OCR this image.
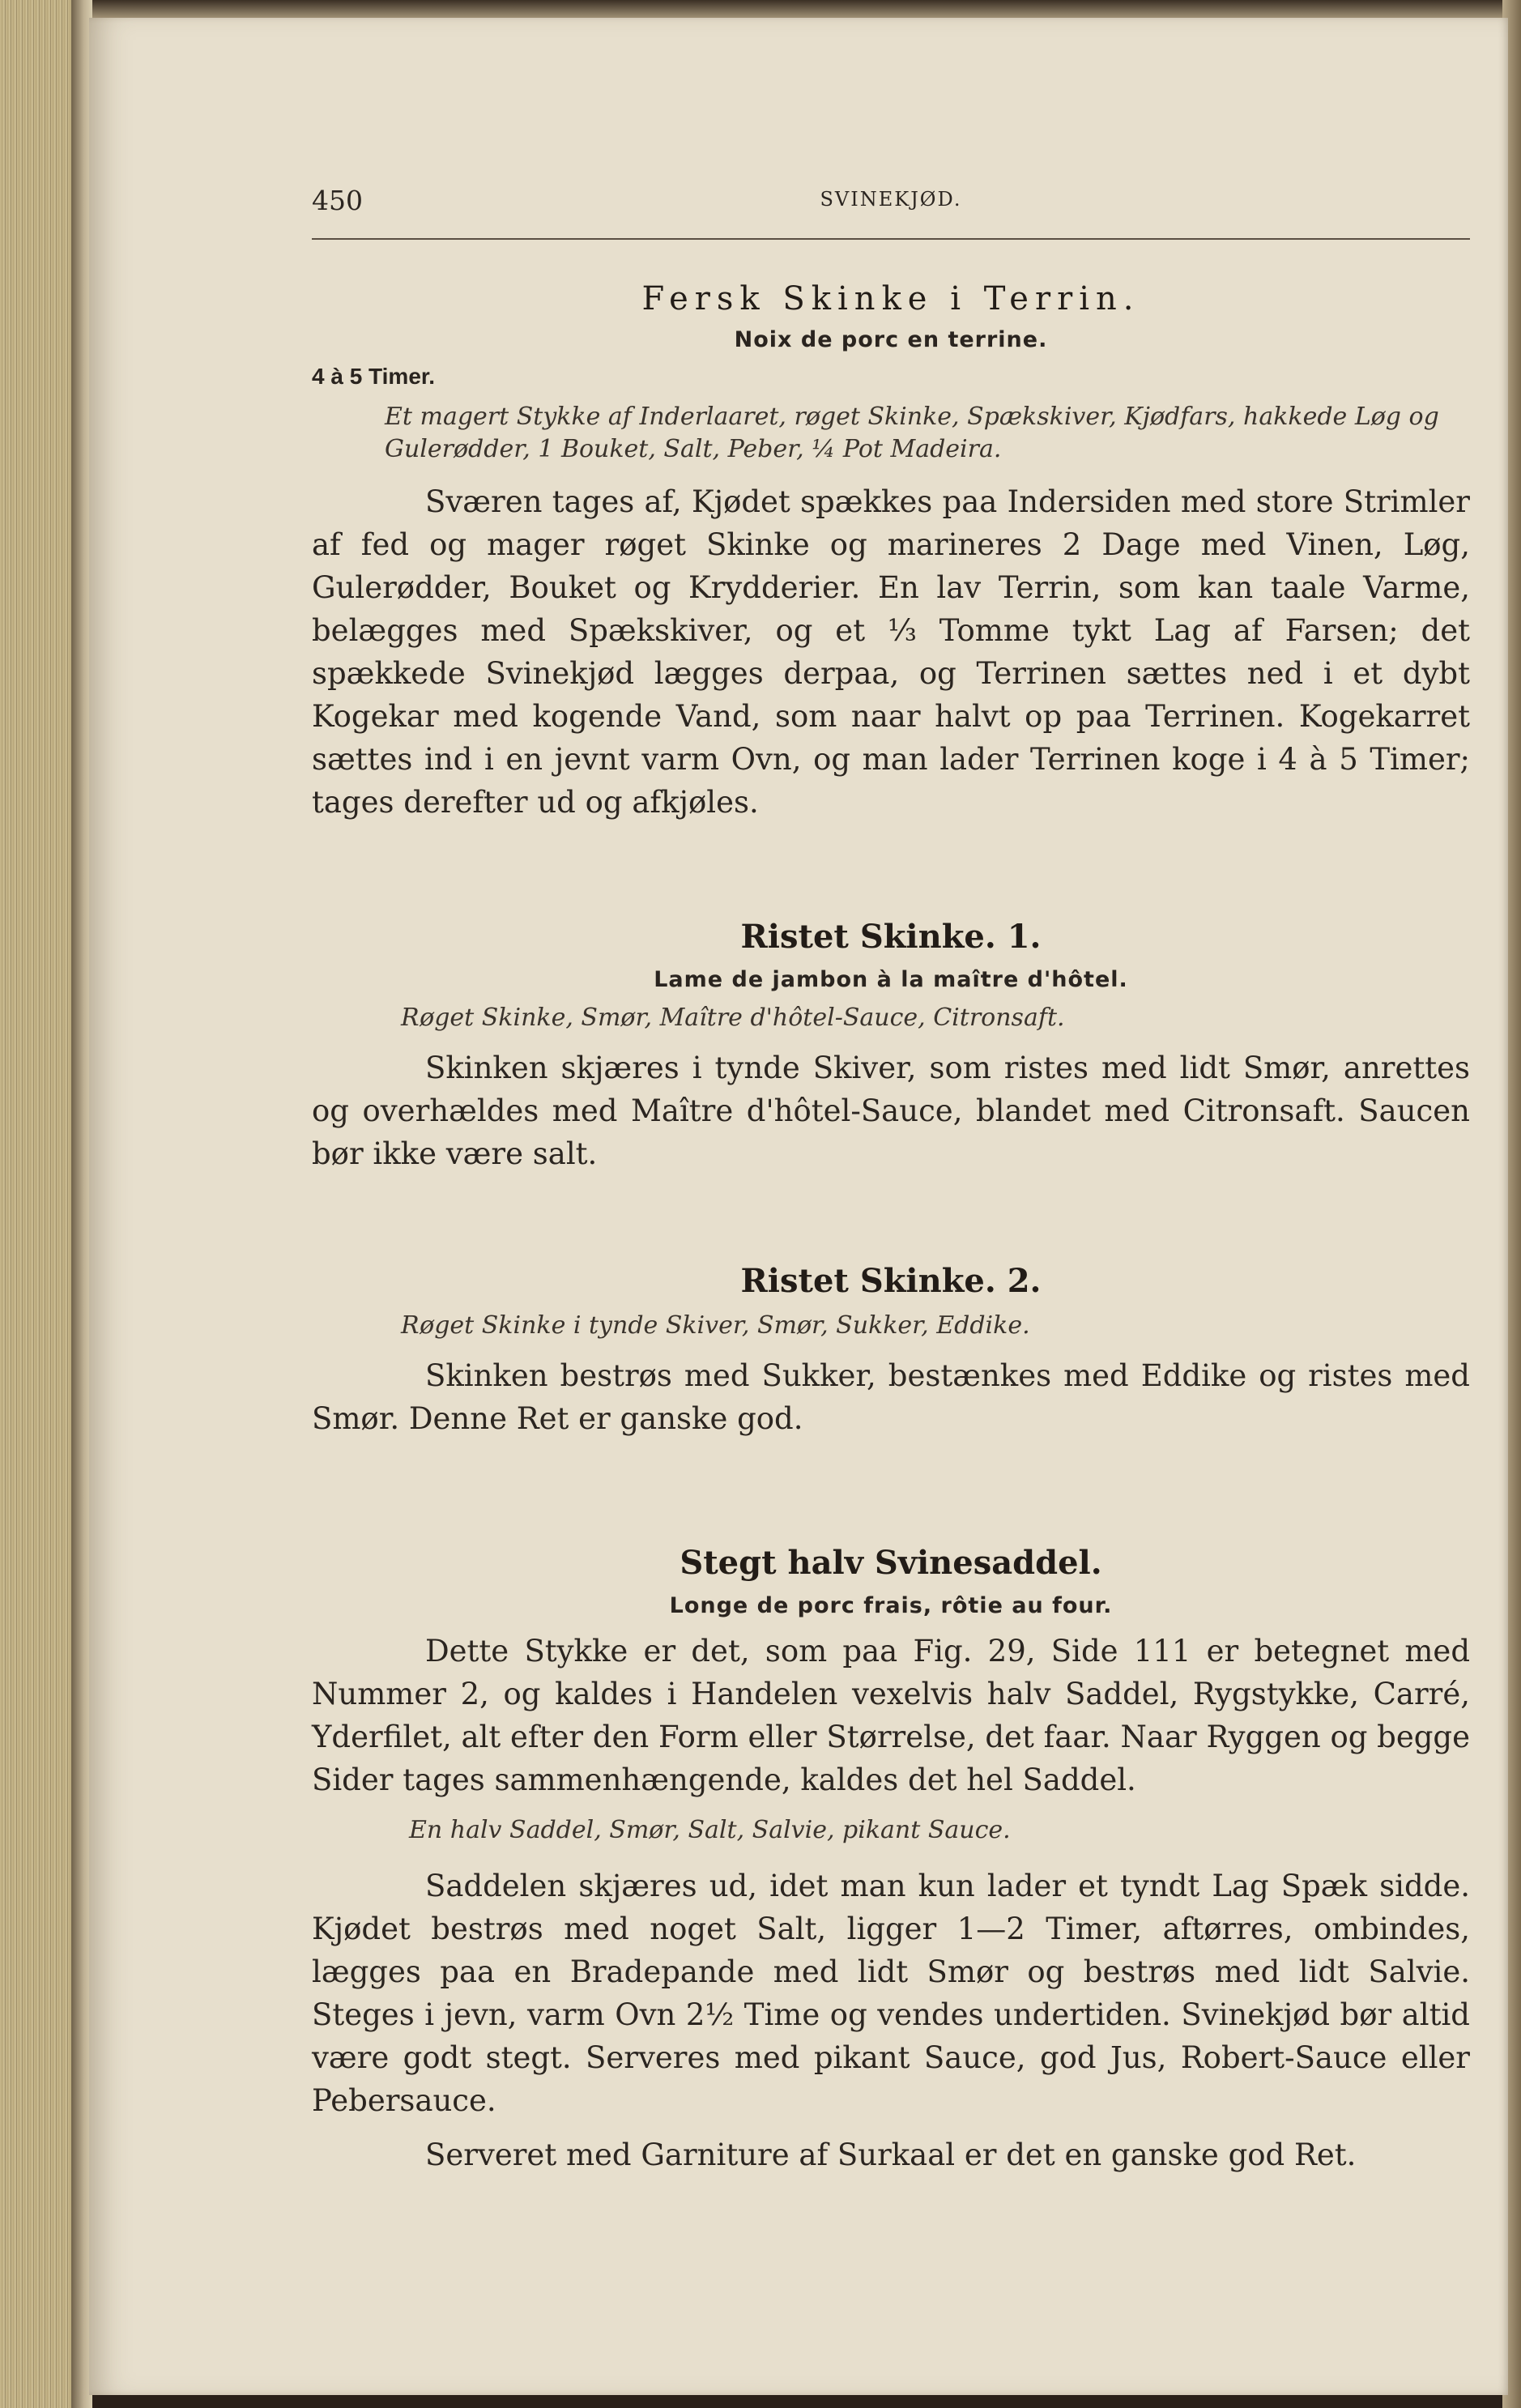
450	SVINEKJØD.
Fersk Skinke i Terrin.
Noix de porc en terrine.
4 à 5 Timer.

Et magert Stykke af Inderlaaret, røget Skinke, Spækskiver, Kjødfars, hakkede Løg og Gulerødder, 1 Bouket, Salt, Peber, ¼ Pot Madeira.

Sværen tages af, Kjødet spækkes paa Indersiden med store Strimler af fed og mager røget Skinke og marineres 2 Dage med Vinen, Løg, Gulerødder, Bouket og Krydderier. En lav Terrin, som kan taale Varme, belægges med Spækskiver, og et ⅓ Tomme tykt Lag af Farsen; det spækkede Svinekjød lægges derpaa, og Terrinen sættes ned i et dybt Kogekar med kogende Vand, som naar halvt op paa Terrinen. Kogekarret sættes ind i en jevnt varm Ovn, og man lader Terrinen koge i 4 à 5 Timer; tages derefter ud og afkjøles.

Ristet Skinke. 1.
Lame de jambon à la maître d'hôtel.

Røget Skinke, Smør, Maître d'hôtel-Sauce, Citronsaft.

Skinken skjæres i tynde Skiver, som ristes med lidt Smør, anrettes og overhældes med Maître d'hôtel-Sauce, blandet med Citronsaft. Saucen bør ikke være salt.

Ristet Skinke. 2.

Røget Skinke i tynde Skiver, Smør, Sukker, Eddike.

Skinken bestrøs med Sukker, bestænkes med Eddike og ristes med Smør. Denne Ret er ganske god.

Stegt halv Svinesaddel.
Longe de porc frais, rôtie au four.

Dette Stykke er det, som paa Fig. 29, Side 111 er betegnet med Nummer 2, og kaldes i Handelen vexelvis halv Saddel, Rygstykke, Carré, Yderfilet, alt efter den Form eller Størrelse, det faar. Naar Ryggen og begge Sider tages sammenhængende, kaldes det hel Saddel.

En halv Saddel, Smør, Salt, Salvie, pikant Sauce.

Saddelen skjæres ud, idet man kun lader et tyndt Lag Spæk sidde. Kjødet bestrøs med noget Salt, ligger 1—2 Timer, aftørres, ombindes, lægges paa en Bradepande med lidt Smør og bestrøs med lidt Salvie. Steges i jevn, varm Ovn 2½ Time og vendes undertiden. Svinekjød bør altid være godt stegt. Serveres med pikant Sauce, god Jus, Robert-Sauce eller Pebersauce.

Serveret med Garniture af Surkaal er det en ganske god Ret.
